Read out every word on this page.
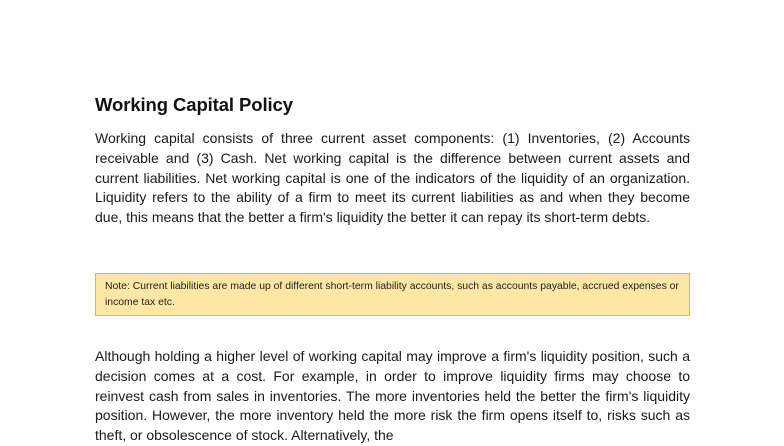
Working Capital Policy

Working capital consists of three current asset components: (1) Inventories, (2) Accounts receivable and (3) Cash. Net working capital is the difference between current assets and current liabilities. Net working capital is one of the indicators of the liquidity of an organization. Liquidity refers to the ability of a firm to meet its current liabilities as and when they become due, this means that the better a firm's liquidity the better it can repay its short-term debts.

Note: Current liabilities are made up of different short-term liability accounts, such as accounts payable, accrued expenses or income tax etc.

Although holding a higher level of working capital may improve a firm's liquidity position, such a decision comes at a cost. For example, in order to improve liquidity firms may choose to reinvest cash from sales in inventories. The more inventories held the better the firm's liquidity position. However, the more inventory held the more risk the firm opens itself to, risks such as theft, or obsolescence of stock. Alternatively, the
